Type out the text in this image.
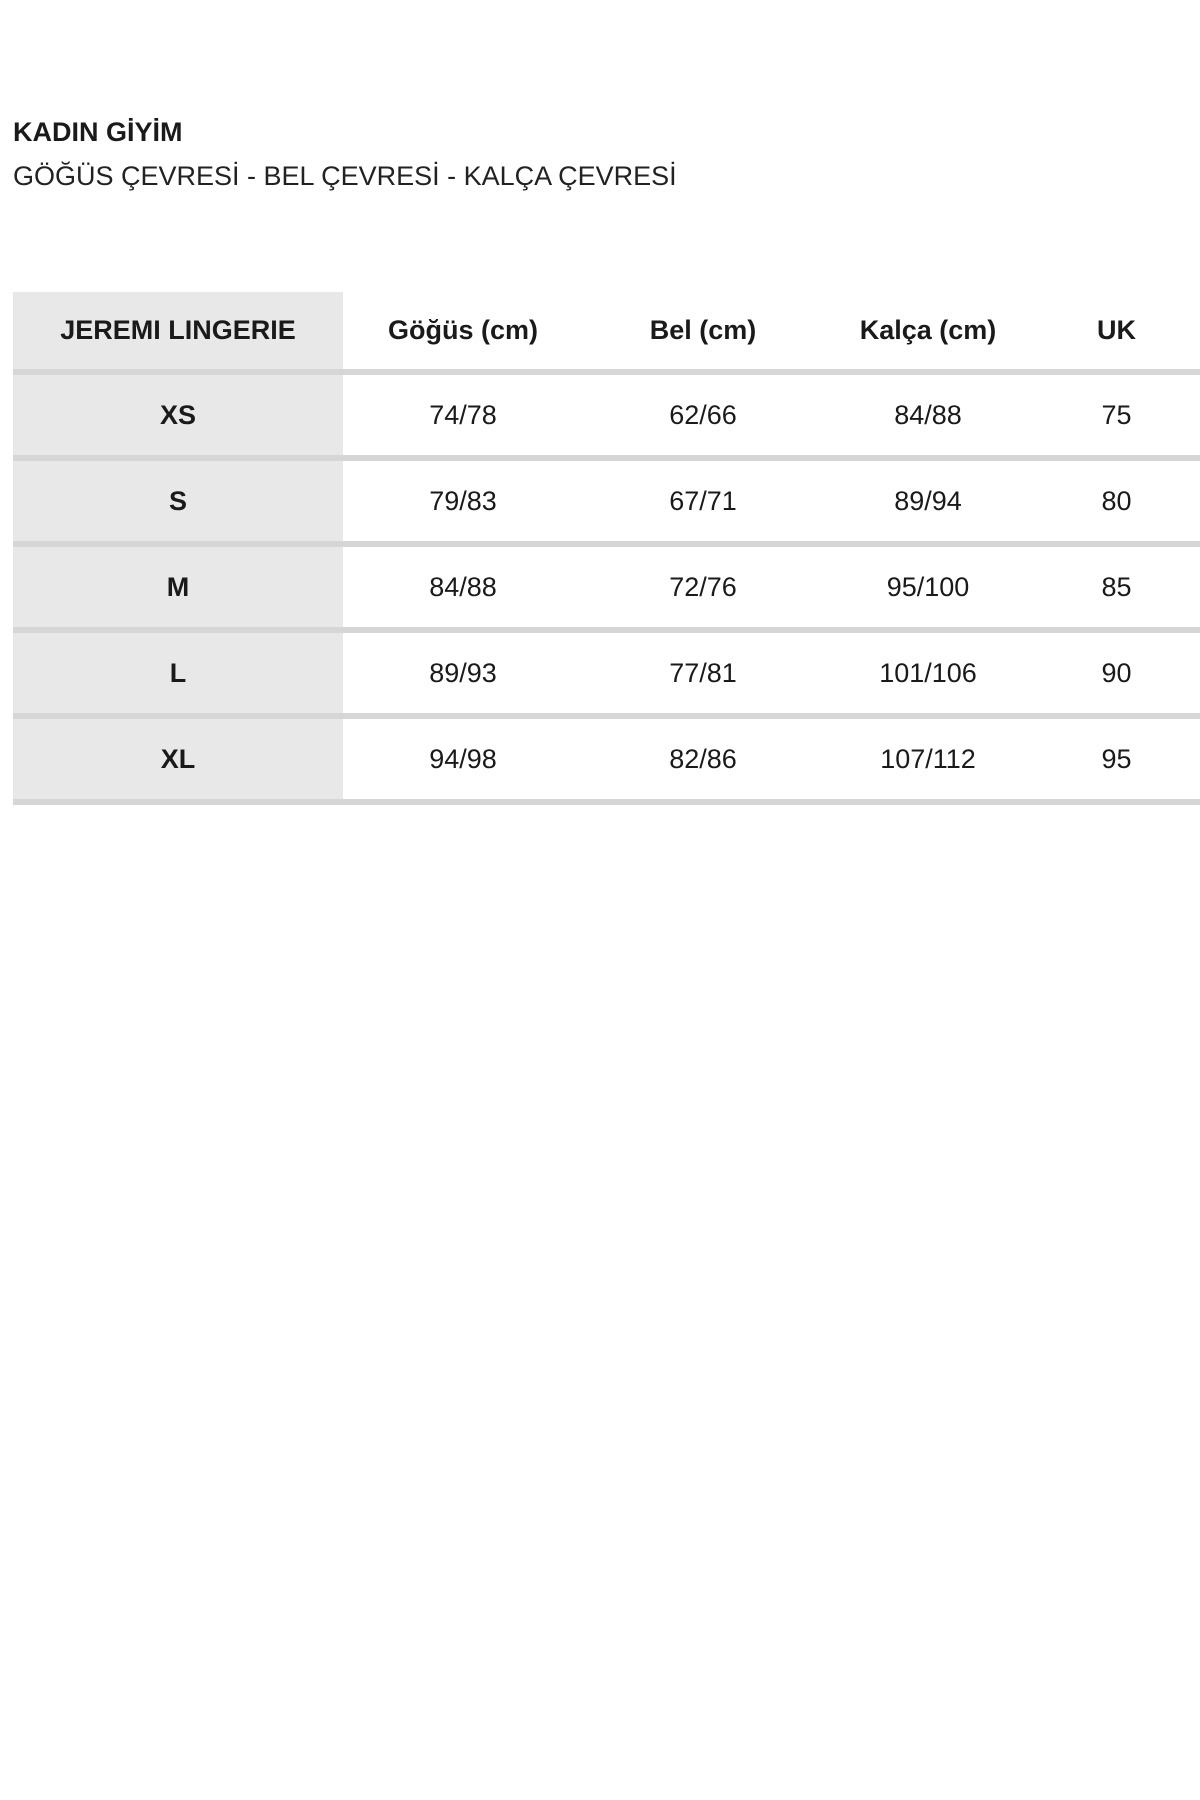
KADIN GİYİM

GÖĞÜS ÇEVRESİ - BEL ÇEVRESİ - KALÇA ÇEVRESİ

JEREMI LINGERIE	Göğüs (cm)	Bel (cm)	Kalça (cm)	UK
XS	74/78	62/66	84/88	75
S	79/83	67/71	89/94	80
M	84/88	72/76	95/100	85
L	89/93	77/81	101/106	90
XL	94/98	82/86	107/112	95
